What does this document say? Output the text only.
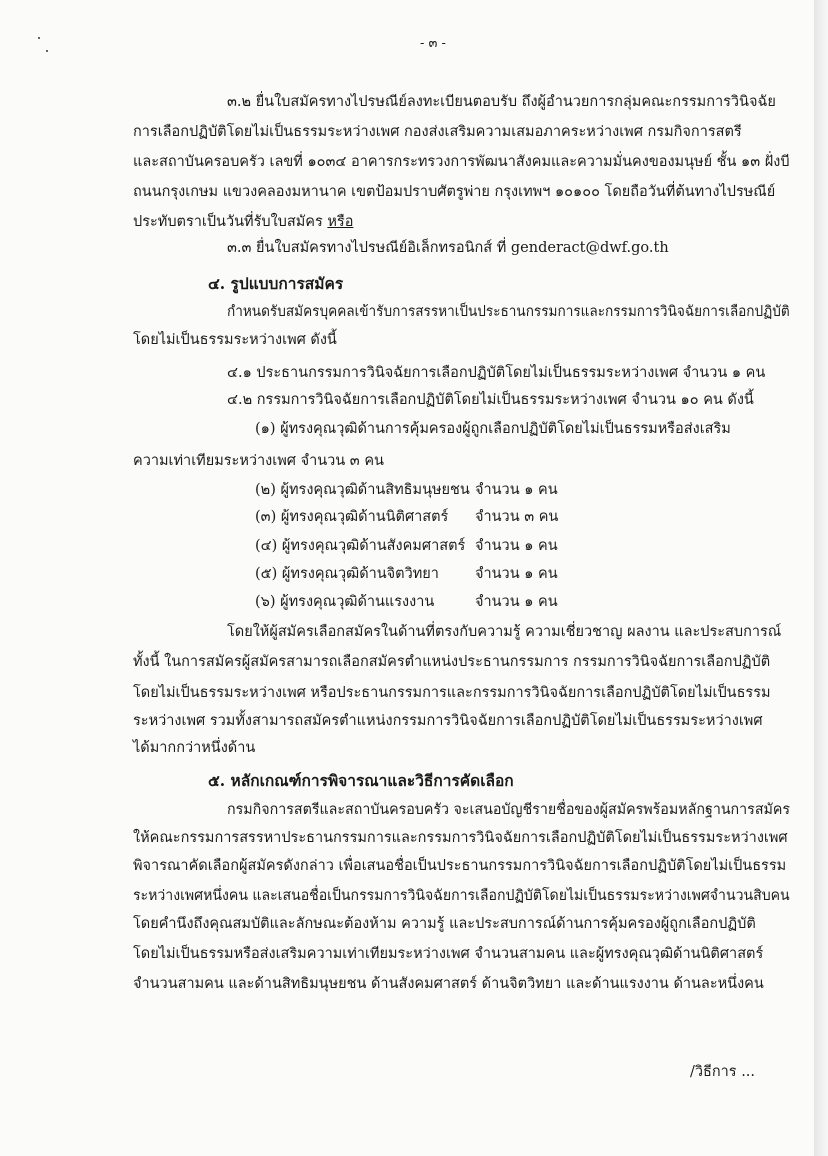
- ๓ -
๓.๒ ยื่นใบสมัครทางไปรษณีย์ลงทะเบียนตอบรับ ถึงผู้อำนวยการกลุ่มคณะกรรมการวินิจฉัย
การเลือกปฏิบัติโดยไม่เป็นธรรมระหว่างเพศ กองส่งเสริมความเสมอภาคระหว่างเพศ กรมกิจการสตรี
และสถาบันครอบครัว เลขที่ ๑๐๓๔ อาคารกระทรวงการพัฒนาสังคมและความมั่นคงของมนุษย์ ชั้น ๑๓ ฝั่งบี
ถนนกรุงเกษม แขวงคลองมหานาค เขตป้อมปราบศัตรูพ่าย กรุงเทพฯ ๑๐๑๐๐ โดยถือวันที่ต้นทางไปรษณีย์
ประทับตราเป็นวันที่รับใบสมัคร หรือ
๓.๓ ยื่นใบสมัครทางไปรษณีย์อิเล็กทรอนิกส์ ที่ genderact@dwf.go.th
๔. รูปแบบการสมัคร
กำหนดรับสมัครบุคคลเข้ารับการสรรหาเป็นประธานกรรมการและกรรมการวินิจฉัยการเลือกปฏิบัติ
โดยไม่เป็นธรรมระหว่างเพศ ดังนี้
๔.๑ ประธานกรรมการวินิจฉัยการเลือกปฏิบัติโดยไม่เป็นธรรมระหว่างเพศ จำนวน ๑ คน
๔.๒ กรรมการวินิจฉัยการเลือกปฏิบัติโดยไม่เป็นธรรมระหว่างเพศ จำนวน ๑๐ คน ดังนี้
(๑) ผู้ทรงคุณวุฒิด้านการคุ้มครองผู้ถูกเลือกปฏิบัติโดยไม่เป็นธรรมหรือส่งเสริม
ความเท่าเทียมระหว่างเพศ จำนวน ๓ คน
(๒) ผู้ทรงคุณวุฒิด้านสิทธิมนุษยชน จำนวน ๑ คน
(๓) ผู้ทรงคุณวุฒิด้านนิติศาสตร์ จำนวน ๓ คน
(๔) ผู้ทรงคุณวุฒิด้านสังคมศาสตร์ จำนวน ๑ คน
(๕) ผู้ทรงคุณวุฒิด้านจิตวิทยา จำนวน ๑ คน
(๖) ผู้ทรงคุณวุฒิด้านแรงงาน	จำนวน ๑ คน
โดยให้ผู้สมัครเลือกสมัครในด้านที่ตรงกับความรู้ ความเชี่ยวชาญ ผลงาน และประสบการณ์
ทั้งนี้ ในการสมัครผู้สมัครสามารถเลือกสมัครตำแหน่งประธานกรรมการ กรรมการวินิจฉัยการเลือกปฏิบัติ
โดยไม่เป็นธรรมระหว่างเพศ หรือประธานกรรมการและกรรมการวินิจฉัยการเลือกปฏิบัติโดยไม่เป็นธรรม
ระหว่างเพศ รวมทั้งสามารถสมัครตำแหน่งกรรมการวินิจฉัยการเลือกปฏิบัติโดยไม่เป็นธรรมระหว่างเพศ
ได้มากกว่าหนึ่งด้าน
๕. หลักเกณฑ์การพิจารณาและวิธีการคัดเลือก
กรมกิจการสตรีและสถาบันครอบครัว จะเสนอบัญชีรายชื่อของผู้สมัครพร้อมหลักฐานการสมัคร
ให้คณะกรรมการสรรหาประธานกรรมการและกรรมการวินิจฉัยการเลือกปฏิบัติโดยไม่เป็นธรรมระหว่างเพศ
พิจารณาคัดเลือกผู้สมัครดังกล่าว เพื่อเสนอชื่อเป็นประธานกรรมการวินิจฉัยการเลือกปฏิบัติโดยไม่เป็นธรรม
ระหว่างเพศหนึ่งคน และเสนอชื่อเป็นกรรมการวินิจฉัยการเลือกปฏิบัติโดยไม่เป็นธรรมระหว่างเพศจำนวนสิบคน
โดยคำนึงถึงคุณสมบัติและลักษณะต้องห้าม ความรู้ และประสบการณ์ด้านการคุ้มครองผู้ถูกเลือกปฏิบัติ
โดยไม่เป็นธรรมหรือส่งเสริมความเท่าเทียมระหว่างเพศ จำนวนสามคน และผู้ทรงคุณวุฒิด้านนิติศาสตร์
จำนวนสามคน และด้านสิทธิมนุษยชน ด้านสังคมศาสตร์ ด้านจิตวิทยา และด้านแรงงาน ด้านละหนึ่งคน
/วิธีการ ...
